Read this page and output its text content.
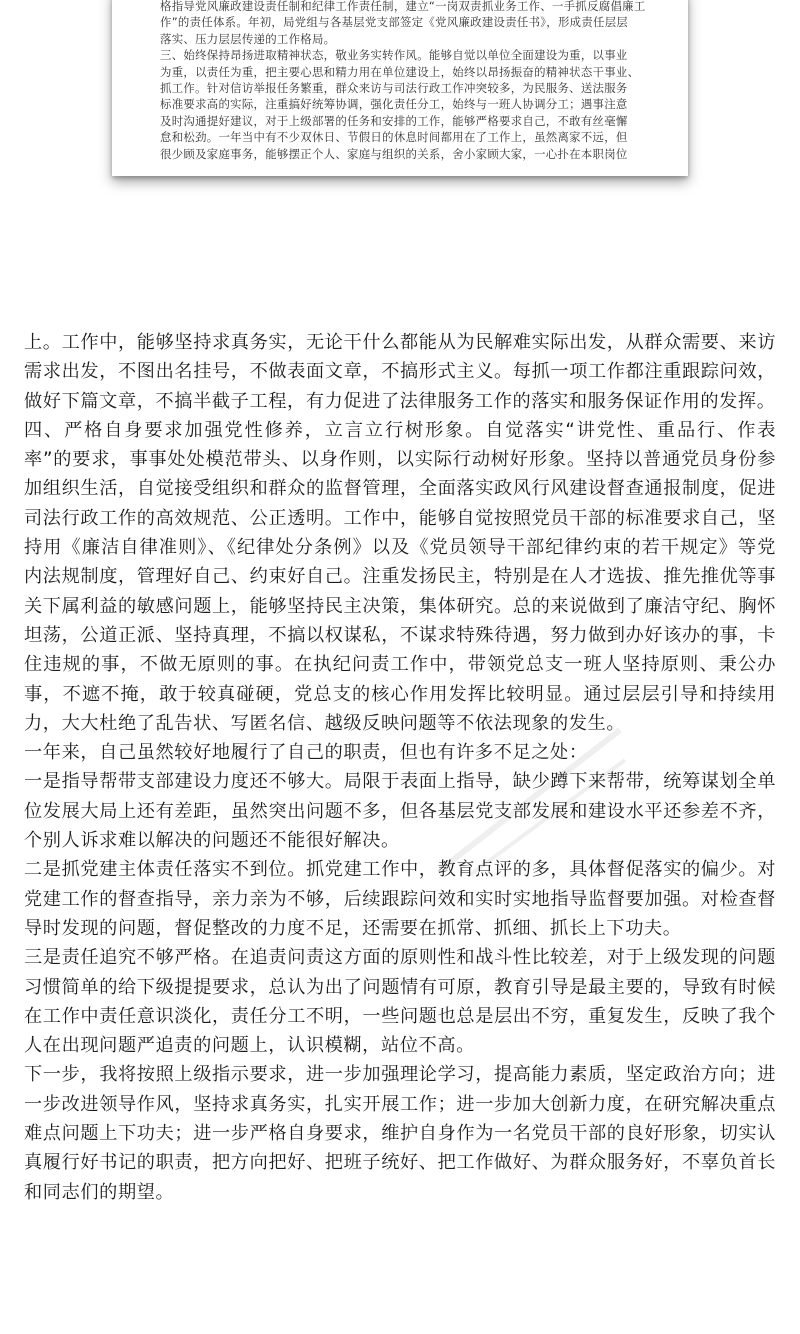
格指导党风廉政建设责任制和纪律工作责任制，建立“一岗双责抓业务工作、一手抓反腐倡廉工

作”的责任体系。年初，局党组与各基层党支部签定《党风廉政建设责任书》，形成责任层层

落实、压力层层传递的工作格局。

三、始终保持昂扬进取精神状态，敬业务实转作风。能够自觉以单位全面建设为重，以事业

为重，以责任为重，把主要心思和精力用在单位建设上，始终以昂扬振奋的精神状态干事业、

抓工作。针对信访举报任务繁重，群众来访与司法行政工作冲突较多，为民服务、送法服务

标准要求高的实际，注重搞好统筹协调，强化责任分工，始终与一班人协调分工；遇事注意

及时沟通提好建议，对于上级部署的任务和安排的工作，能够严格要求自己，不敢有丝毫懈

怠和松劲。一年当中有不少双休日、节假日的休息时间都用在了工作上，虽然离家不远，但

很少顾及家庭事务，能够摆正个人、家庭与组织的关系，舍小家顾大家，一心扑在本职岗位

上。工作中，能够坚持求真务实，无论干什么都能从为民解难实际出发，从群众需要、来访需求出发，不图出名挂号，不做表面文章，不搞形式主义。每抓一项工作都注重跟踪问效，做好下篇文章，不搞半截子工程，有力促进了法律服务工作的落实和服务保证作用的发挥。

四、严格自身要求加强党性修养，立言立行树形象。自觉落实“讲党性、重品行、作表率”的要求，事事处处模范带头、以身作则，以实际行动树好形象。坚持以普通党员身份参加组织生活，自觉接受组织和群众的监督管理，全面落实政风行风建设督查通报制度，促进司法行政工作的高效规范、公正透明。工作中，能够自觉按照党员干部的标准要求自己，坚持用《廉洁自律准则》、《纪律处分条例》以及《党员领导干部纪律约束的若干规定》等党内法规制度，管理好自己、约束好自己。注重发扬民主，特别是在人才选拔、推先推优等事关下属利益的敏感问题上，能够坚持民主决策，集体研究。总的来说做到了廉洁守纪、胸怀坦荡，公道正派、坚持真理，不搞以权谋私，不谋求特殊待遇，努力做到办好该办的事，卡住违规的事，不做无原则的事。在执纪问责工作中，带领党总支一班人坚持原则、秉公办事，不遮不掩，敢于较真碰硬，党总支的核心作用发挥比较明显。通过层层引导和持续用力，大大杜绝了乱告状、写匿名信、越级反映问题等不依法现象的发生。

一年来，自己虽然较好地履行了自己的职责，但也有许多不足之处：

一是指导帮带支部建设力度还不够大。局限于表面上指导，缺少蹲下来帮带，统筹谋划全单位发展大局上还有差距，虽然突出问题不多，但各基层党支部发展和建设水平还参差不齐，个别人诉求难以解决的问题还不能很好解决。

二是抓党建主体责任落实不到位。抓党建工作中，教育点评的多，具体督促落实的偏少。对党建工作的督查指导，亲力亲为不够，后续跟踪问效和实时实地指导监督要加强。对检查督导时发现的问题，督促整改的力度不足，还需要在抓常、抓细、抓长上下功夫。

三是责任追究不够严格。在追责问责这方面的原则性和战斗性比较差，对于上级发现的问题习惯简单的给下级提提要求，总认为出了问题情有可原，教育引导是最主要的，导致有时候在工作中责任意识淡化，责任分工不明，一些问题也总是层出不穷，重复发生，反映了我个人在出现问题严追责的问题上，认识模糊，站位不高。

下一步，我将按照上级指示要求，进一步加强理论学习，提高能力素质，坚定政治方向；进一步改进领导作风，坚持求真务实，扎实开展工作；进一步加大创新力度，在研究解决重点难点问题上下功夫；进一步严格自身要求，维护自身作为一名党员干部的良好形象，切实认真履行好书记的职责，把方向把好、把班子统好、把工作做好、为群众服务好，不辜负首长和同志们的期望。
